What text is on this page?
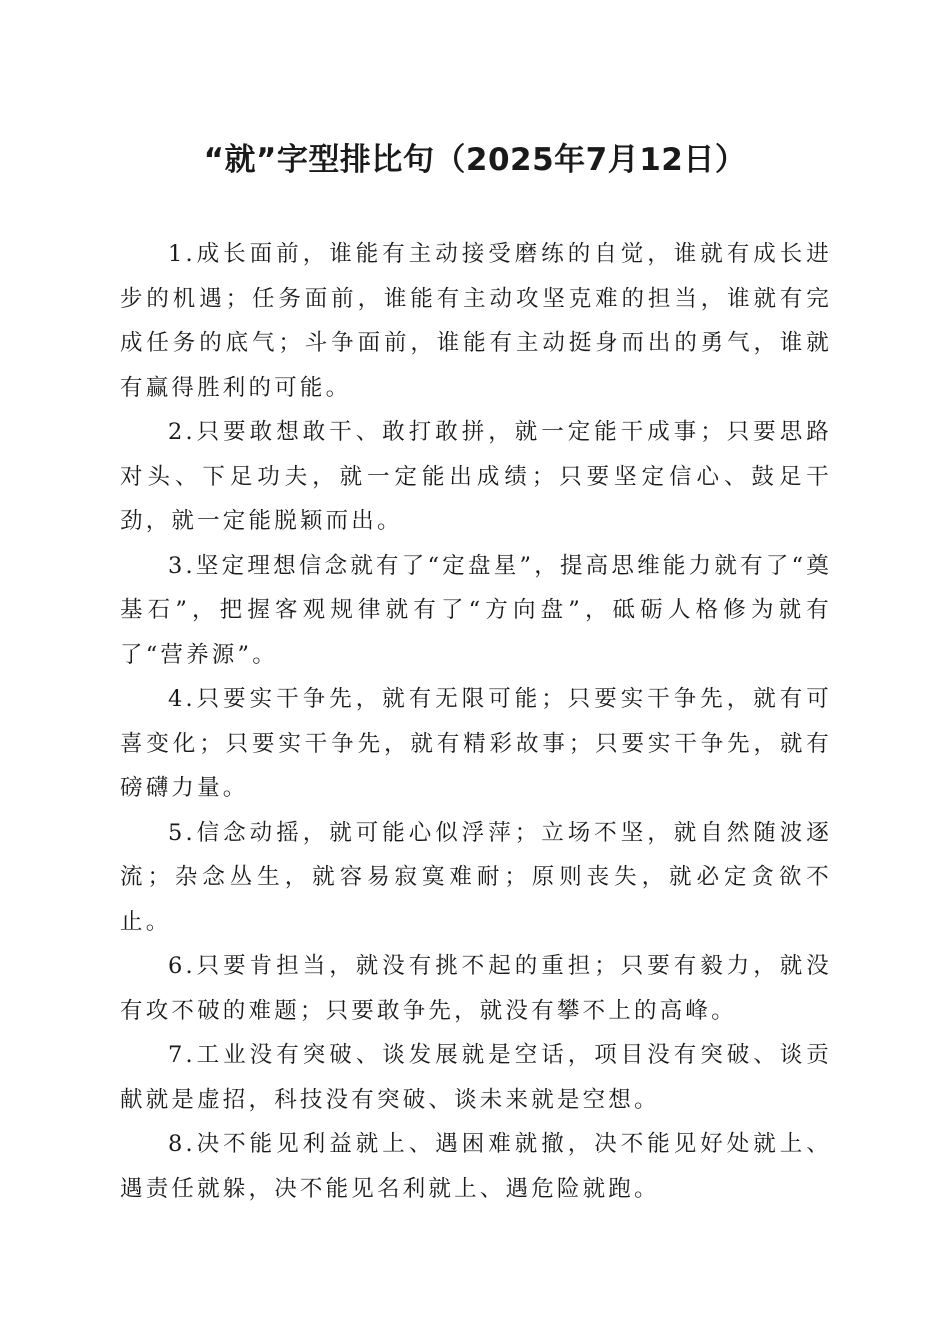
“就”字型排比句（2025年7月12日）

1.成长面前，谁能有主动接受磨练的自觉，谁就有成长进步的机遇；任务面前，谁能有主动攻坚克难的担当，谁就有完成任务的底气；斗争面前，谁能有主动挺身而出的勇气，谁就有赢得胜利的可能。

2.只要敢想敢干、敢打敢拼，就一定能干成事；只要思路对头、下足功夫，就一定能出成绩；只要坚定信心、鼓足干劲，就一定能脱颖而出。

3.坚定理想信念就有了“定盘星”，提高思维能力就有了“奠基石”，把握客观规律就有了“方向盘”，砥砺人格修为就有了“营养源”。

4.只要实干争先，就有无限可能；只要实干争先，就有可喜变化；只要实干争先，就有精彩故事；只要实干争先，就有磅礴力量。

5.信念动摇，就可能心似浮萍；立场不坚，就自然随波逐流；杂念丛生，就容易寂寞难耐；原则丧失，就必定贪欲不止。

6.只要肯担当，就没有挑不起的重担；只要有毅力，就没有攻不破的难题；只要敢争先，就没有攀不上的高峰。

7.工业没有突破、谈发展就是空话，项目没有突破、谈贡献就是虚招，科技没有突破、谈未来就是空想。

8.决不能见利益就上、遇困难就撤，决不能见好处就上、遇责任就躲，决不能见名利就上、遇危险就跑。
